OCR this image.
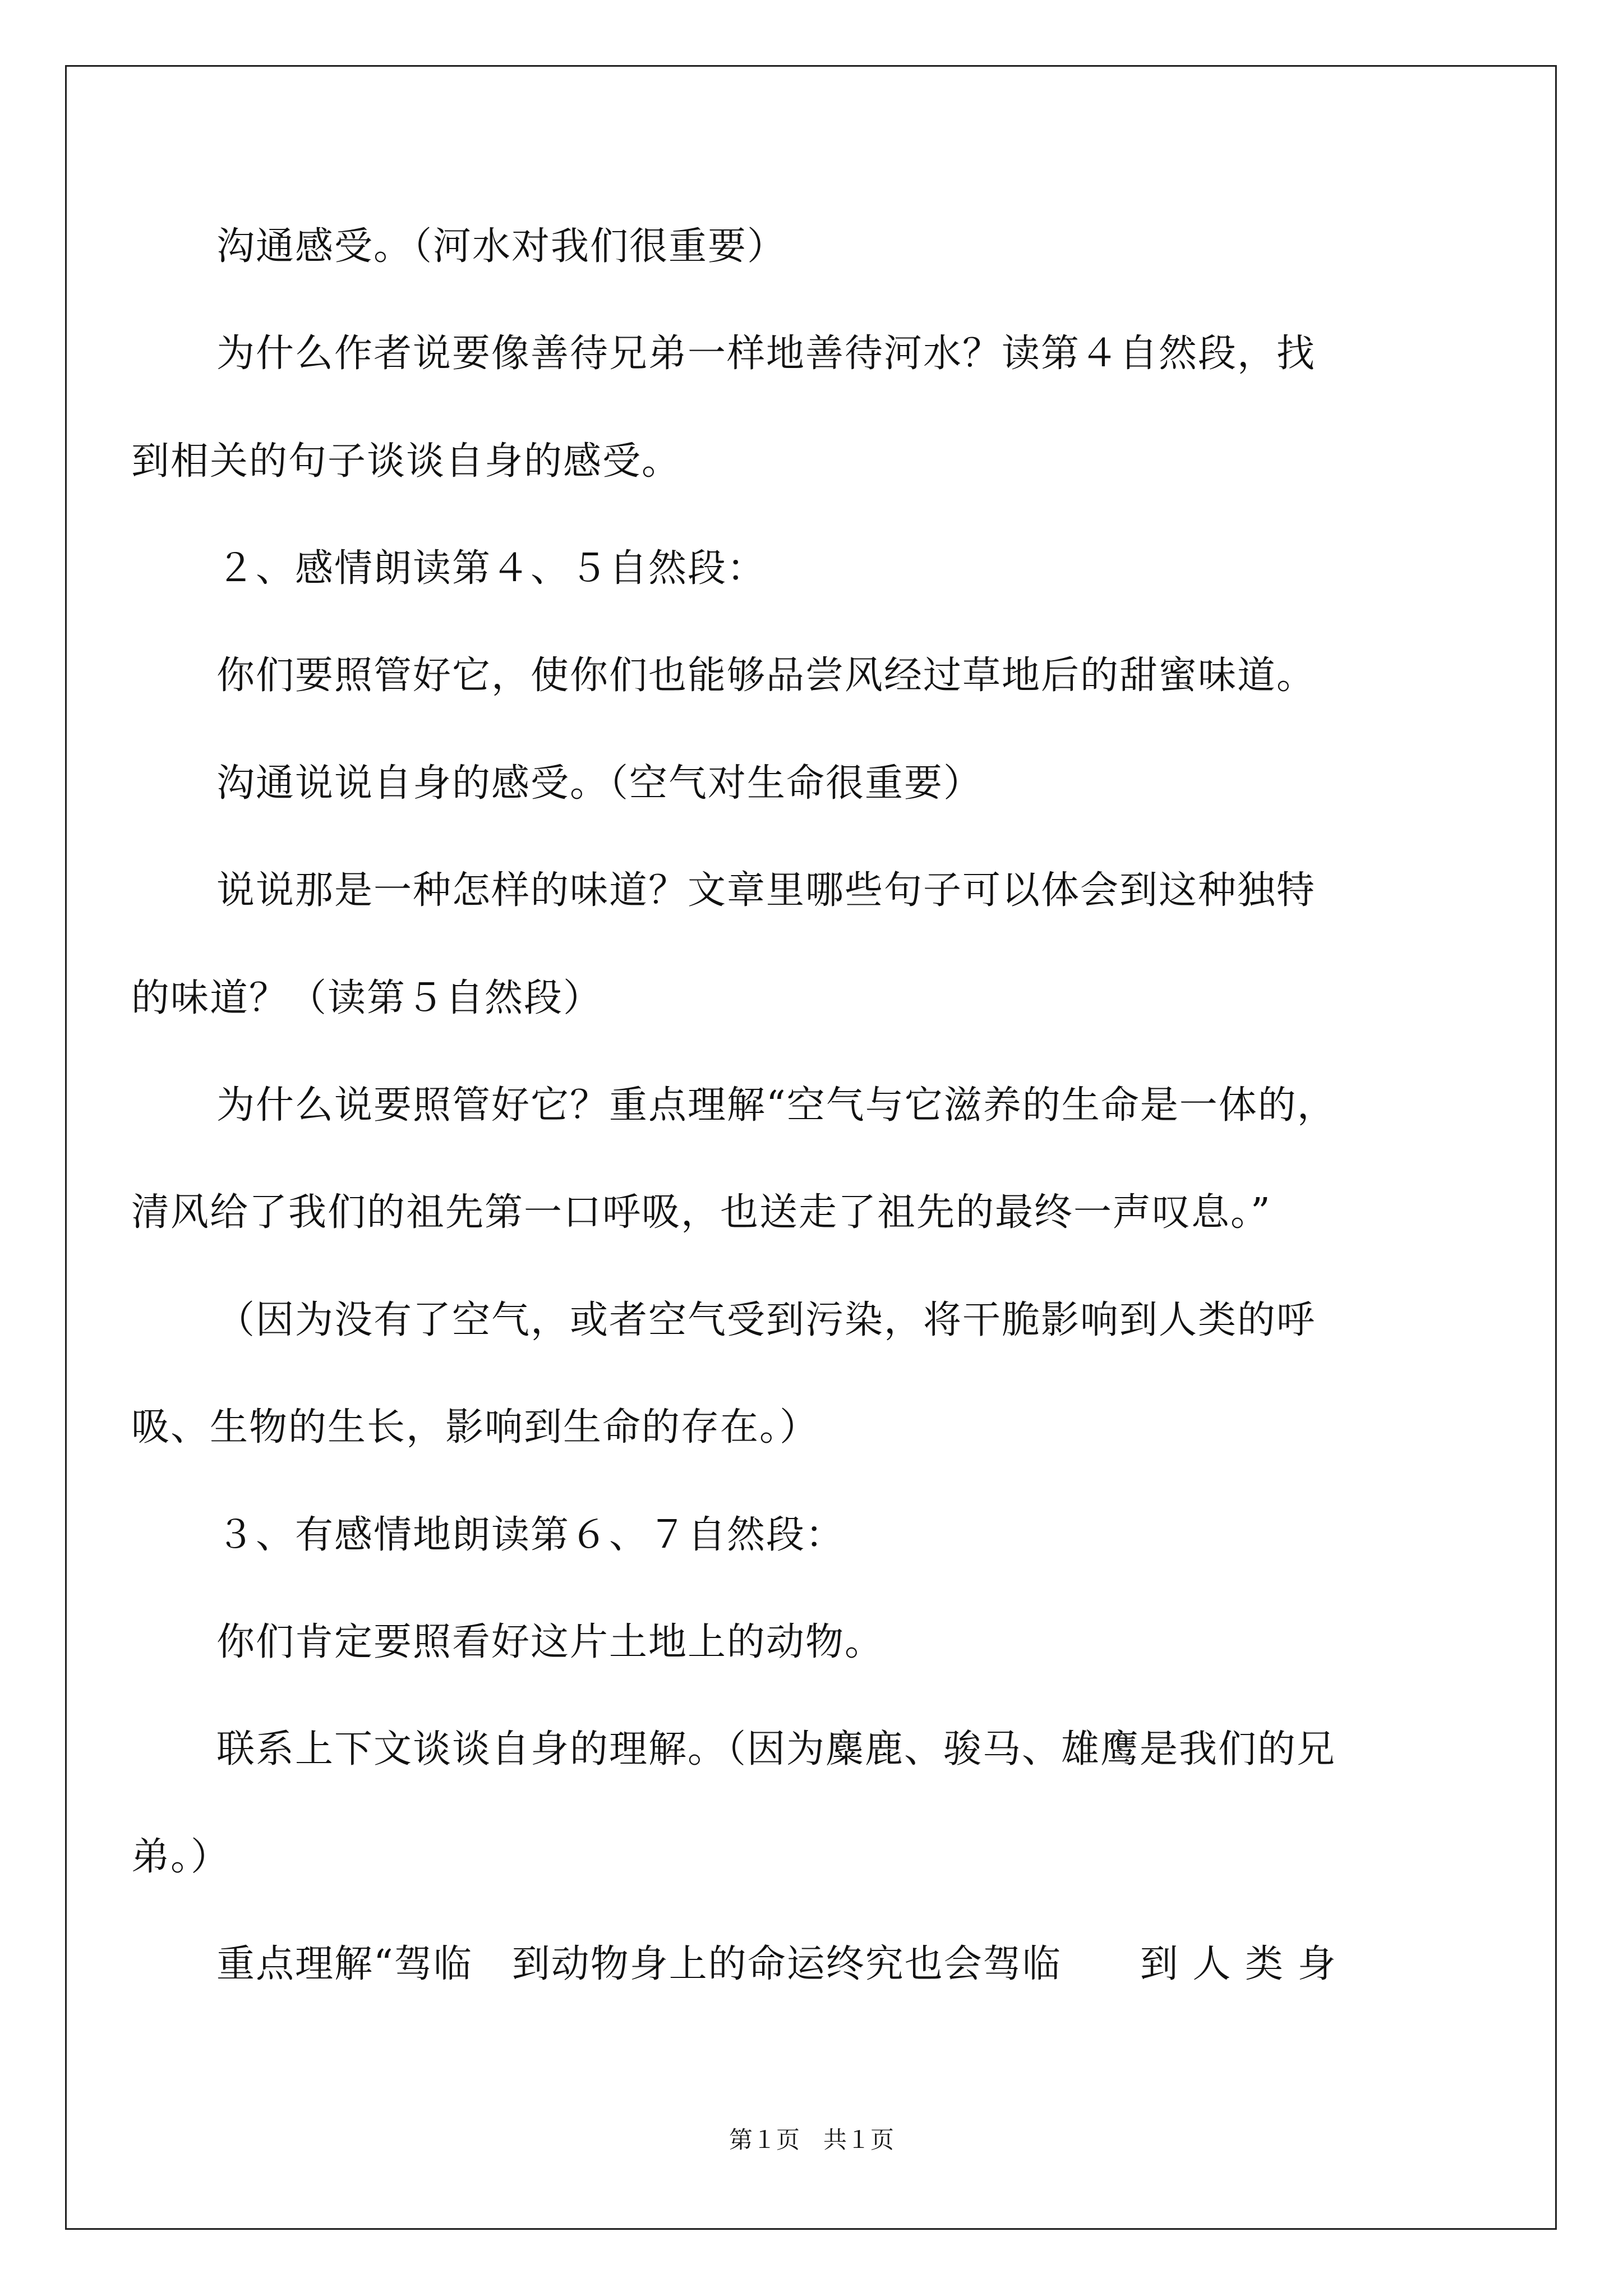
沟通感受。（河水对我们很重要）
为什么作者说要像善待兄弟一样地善待河水？读第４自然段，找
到相关的句子谈谈自身的感受。
２、感情朗读第４、５自然段：
你们要照管好它，使你们也能够品尝风经过草地后的甜蜜味道。
沟通说说自身的感受。（空气对生命很重要）
说说那是一种怎样的味道？文章里哪些句子可以体会到这种独特
的味道？（读第５自然段）
为什么说要照管好它？重点理解“空气与它滋养的生命是一体的，
清风给了我们的祖先第一口呼吸，也送走了祖先的最终一声叹息。”
（因为没有了空气，或者空气受到污染，将干脆影响到人类的呼
吸、生物的生长，影响到生命的存在。）
３、有感情地朗读第６、７自然段：
你们肯定要照看好这片土地上的动物。
联系上下文谈谈自身的理解。（因为麋鹿、骏马、雄鹰是我们的兄
弟。）
重点理解“驾临　到动物身上的命运终究也会驾临　　到 人 类 身
第１页　共１页
